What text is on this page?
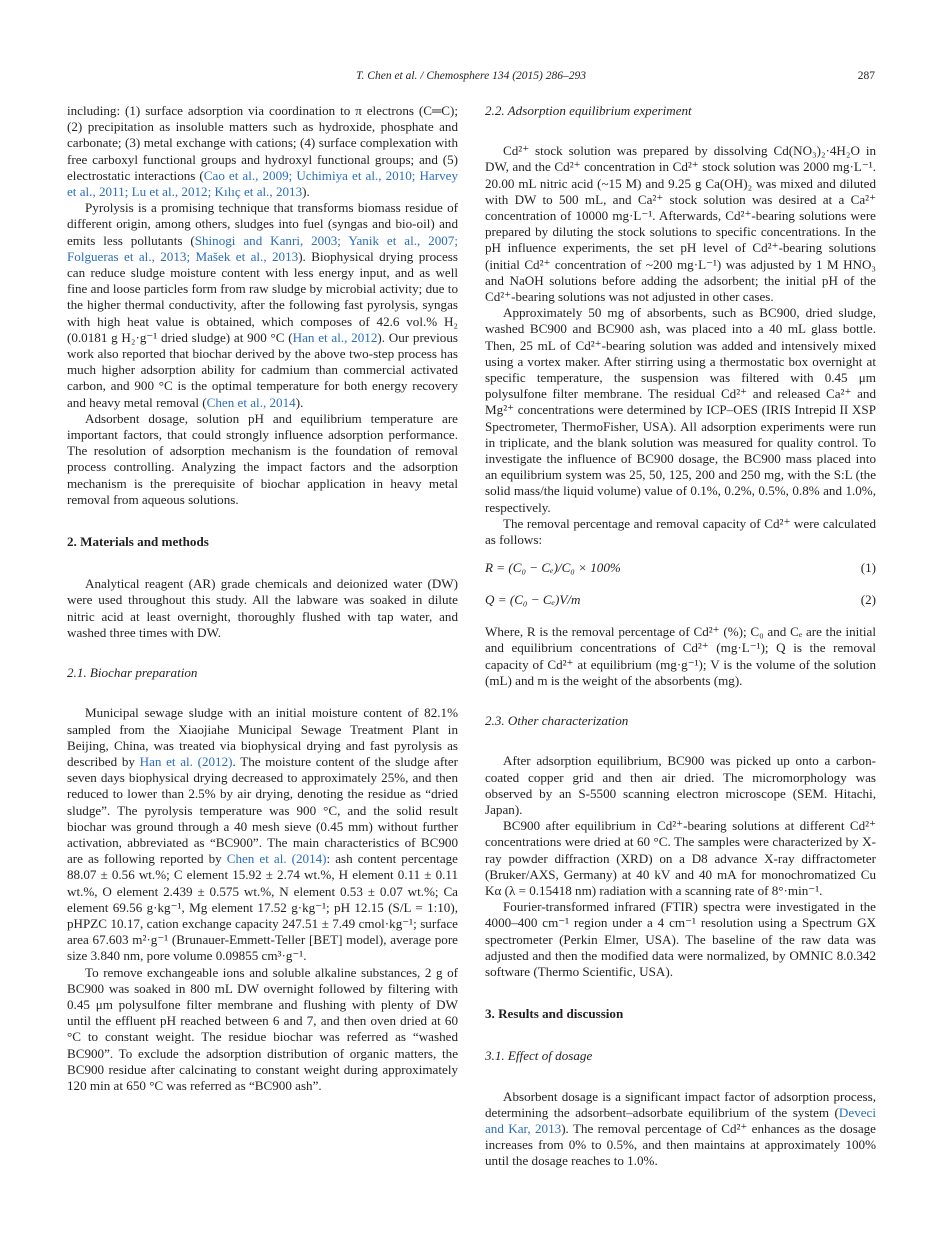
T. Chen et al. / Chemosphere 134 (2015) 286–293	287

including: (1) surface adsorption via coordination to π electrons (C═C); (2) precipitation as insoluble matters such as hydroxide, phosphate and carbonate; (3) metal exchange with cations; (4) surface complexation with free carboxyl functional groups and hydroxyl functional groups; and (5) electrostatic interactions (Cao et al., 2009; Uchimiya et al., 2010; Harvey et al., 2011; Lu et al., 2012; Kılıç et al., 2013).

Pyrolysis is a promising technique that transforms biomass residue of different origin, among others, sludges into fuel (syngas and bio-oil) and emits less pollutants (Shinogi and Kanri, 2003; Yanik et al., 2007; Folgueras et al., 2013; Mašek et al., 2013). Biophysical drying process can reduce sludge moisture content with less energy input, and as well fine and loose particles form from raw sludge by microbial activity; due to the higher thermal conductivity, after the following fast pyrolysis, syngas with high heat value is obtained, which composes of 42.6 vol.% H₂ (0.0181 g H₂·g⁻¹ dried sludge) at 900 °C (Han et al., 2012). Our previous work also reported that biochar derived by the above two-step process has much higher adsorption ability for cadmium than commercial activated carbon, and 900 °C is the optimal temperature for both energy recovery and heavy metal removal (Chen et al., 2014).

Adsorbent dosage, solution pH and equilibrium temperature are important factors, that could strongly influence adsorption performance. The resolution of adsorption mechanism is the foundation of removal process controlling. Analyzing the impact factors and the adsorption mechanism is the prerequisite of biochar application in heavy metal removal from aqueous solutions.

2. Materials and methods

Analytical reagent (AR) grade chemicals and deionized water (DW) were used throughout this study. All the labware was soaked in dilute nitric acid at least overnight, thoroughly flushed with tap water, and washed three times with DW.

2.1. Biochar preparation

Municipal sewage sludge with an initial moisture content of 82.1% sampled from the Xiaojiahe Municipal Sewage Treatment Plant in Beijing, China, was treated via biophysical drying and fast pyrolysis as described by Han et al. (2012). The moisture content of the sludge after seven days biophysical drying decreased to approximately 25%, and then reduced to lower than 2.5% by air drying, denoting the residue as “dried sludge”. The pyrolysis temperature was 900 °C, and the solid result biochar was ground through a 40 mesh sieve (0.45 mm) without further activation, abbreviated as “BC900”. The main characteristics of BC900 are as following reported by Chen et al. (2014): ash content percentage 88.07 ± 0.56 wt.%; C element 15.92 ± 2.74 wt.%, H element 0.11 ± 0.11 wt.%, O element 2.439 ± 0.575 wt.%, N element 0.53 ± 0.07 wt.%; Ca element 69.56 g·kg⁻¹, Mg element 17.52 g·kg⁻¹; pH 12.15 (S/L = 1:10), pHPZC 10.17, cation exchange capacity 247.51 ± 7.49 cmol·kg⁻¹; surface area 67.603 m²·g⁻¹ (Brunauer-Emmett-Teller [BET] model), average pore size 3.840 nm, pore volume 0.09855 cm³·g⁻¹.

To remove exchangeable ions and soluble alkaline substances, 2 g of BC900 was soaked in 800 mL DW overnight followed by filtering with 0.45 μm polysulfone filter membrane and flushing with plenty of DW until the effluent pH reached between 6 and 7, and then oven dried at 60 °C to constant weight. The residue biochar was referred as “washed BC900”. To exclude the adsorption distribution of organic matters, the BC900 residue after calcinating to constant weight during approximately 120 min at 650 °C was referred as “BC900 ash”.

2.2. Adsorption equilibrium experiment

Cd²⁺ stock solution was prepared by dissolving Cd(NO₃)₂·4H₂O in DW, and the Cd²⁺ concentration in Cd²⁺ stock solution was 2000 mg·L⁻¹. 20.00 mL nitric acid (~15 M) and 9.25 g Ca(OH)₂ was mixed and diluted with DW to 500 mL, and Ca²⁺ stock solution was desired at a Ca²⁺ concentration of 10000 mg·L⁻¹. Afterwards, Cd²⁺-bearing solutions were prepared by diluting the stock solutions to specific concentrations. In the pH influence experiments, the set pH level of Cd²⁺-bearing solutions (initial Cd²⁺ concentration of ~200 mg·L⁻¹) was adjusted by 1 M HNO₃ and NaOH solutions before adding the adsorbent; the initial pH of the Cd²⁺-bearing solutions was not adjusted in other cases.

Approximately 50 mg of absorbents, such as BC900, dried sludge, washed BC900 and BC900 ash, was placed into a 40 mL glass bottle. Then, 25 mL of Cd²⁺-bearing solution was added and intensively mixed using a vortex maker. After stirring using a thermostatic box overnight at specific temperature, the suspension was filtered with 0.45 μm polysulfone filter membrane. The residual Cd²⁺ and released Ca²⁺ and Mg²⁺ concentrations were determined by ICP–OES (IRIS Intrepid II XSP Spectrometer, ThermoFisher, USA). All adsorption experiments were run in triplicate, and the blank solution was measured for quality control. To investigate the influence of BC900 dosage, the BC900 mass placed into an equilibrium system was 25, 50, 125, 200 and 250 mg, with the S:L (the solid mass/the liquid volume) value of 0.1%, 0.2%, 0.5%, 0.8% and 1.0%, respectively.

The removal percentage and removal capacity of Cd²⁺ were calculated as follows:

R = (C₀ − Cₑ)/C₀ × 100%	(1)
Q = (C₀ − Cₑ)V/m	(2)

Where, R is the removal percentage of Cd²⁺ (%); C₀ and Cₑ are the initial and equilibrium concentrations of Cd²⁺ (mg·L⁻¹); Q is the removal capacity of Cd²⁺ at equilibrium (mg·g⁻¹); V is the volume of the solution (mL) and m is the weight of the absorbents (mg).

2.3. Other characterization

After adsorption equilibrium, BC900 was picked up onto a carbon-coated copper grid and then air dried. The micromorphology was observed by an S-5500 scanning electron microscope (SEM. Hitachi, Japan).

BC900 after equilibrium in Cd²⁺-bearing solutions at different Cd²⁺ concentrations were dried at 60 °C. The samples were characterized by X-ray powder diffraction (XRD) on a D8 advance X-ray diffractometer (Bruker/AXS, Germany) at 40 kV and 40 mA for monochromatized Cu Kα (λ = 0.15418 nm) radiation with a scanning rate of 8°·min⁻¹.

Fourier-transformed infrared (FTIR) spectra were investigated in the 4000–400 cm⁻¹ region under a 4 cm⁻¹ resolution using a Spectrum GX spectrometer (Perkin Elmer, USA). The baseline of the raw data was adjusted and then the modified data were normalized, by OMNIC 8.0.342 software (Thermo Scientific, USA).

3. Results and discussion
3.1. Effect of dosage

Absorbent dosage is a significant impact factor of adsorption process, determining the adsorbent–adsorbate equilibrium of the system (Deveci and Kar, 2013). The removal percentage of Cd²⁺ enhances as the dosage increases from 0% to 0.5%, and then maintains at approximately 100% until the dosage reaches to 1.0%.
